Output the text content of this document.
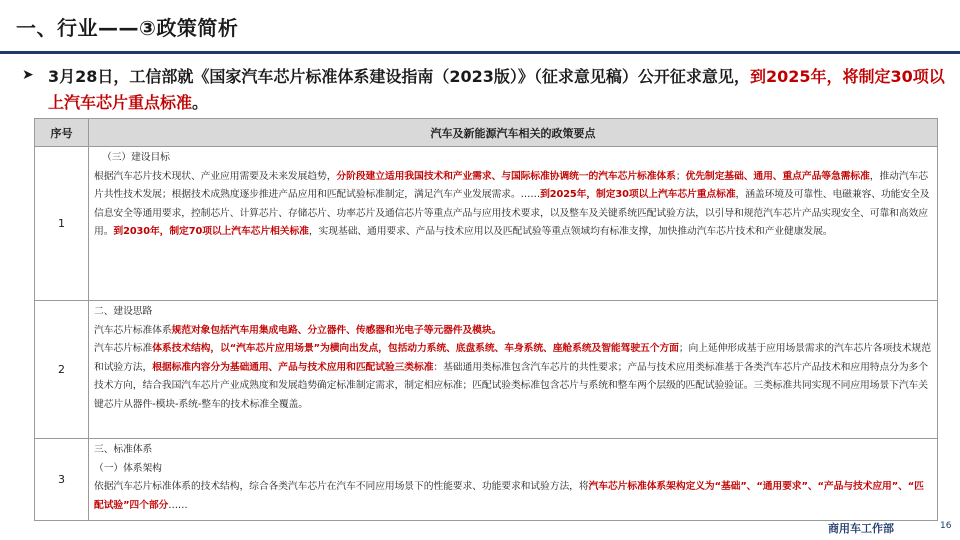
一、行业——③政策简析
➤ 3月28日，工信部就《国家汽车芯片标准体系建设指南（2023版）》（征求意见稿）公开征求意见，到2025年，将制定30项以上汽车芯片重点标准。
序号	汽车及新能源汽车相关的政策要点
1	（三）建设目标

根据汽车芯片技术现状、产业应用需要及未来发展趋势，分阶段建立适用我国技术和产业需求、与国际标准协调统一的汽车芯片标准体系；优先制定基础、通用、重点产品等急需标准，推动汽车芯片共性技术发展；根据技术成熟度逐步推进产品应用和匹配试验标准制定，满足汽车产业发展需求。……到2025年，制定30项以上汽车芯片重点标准，涵盖环境及可靠性、电磁兼容、功能安全及信息安全等通用要求，控制芯片、计算芯片、存储芯片、功率芯片及通信芯片等重点产品与应用技术要求，以及整车及关键系统匹配试验方法，以引导和规范汽车芯片产品实现安全、可靠和高效应用。到2030年，制定70项以上汽车芯片相关标准，实现基础、通用要求、产品与技术应用以及匹配试验等重点领域均有标准支撑，加快推动汽车芯片技术和产业健康发展。

2	二、建设思路

汽车芯片标准体系规范对象包括汽车用集成电路、分立器件、传感器和光电子等元器件及模块。

汽车芯片标准体系技术结构，以“汽车芯片应用场景”为横向出发点，包括动力系统、底盘系统、车身系统、座舱系统及智能驾驶五个方面；向上延伸形成基于应用场景需求的汽车芯片各项技术规范和试验方法，根据标准内容分为基础通用、产品与技术应用和匹配试验三类标准：基础通用类标准包含汽车芯片的共性要求；产品与技术应用类标准基于各类汽车芯片产品技术和应用特点分为多个技术方向，结合我国汽车芯片产业成熟度和发展趋势确定标准制定需求，制定相应标准；匹配试验类标准包含芯片与系统和整车两个层级的匹配试验验证。三类标准共同实现不同应用场景下汽车关键芯片从器件-模块-系统-整车的技术标准全覆盖。

3	三、标准体系

（一）体系架构

依据汽车芯片标准体系的技术结构，综合各类汽车芯片在汽车不同应用场景下的性能要求、功能要求和试验方法，将汽车芯片标准体系架构定义为“基础”、“通用要求”、“产品与技术应用”、“匹配试验”四个部分……

商用车工作部	16
